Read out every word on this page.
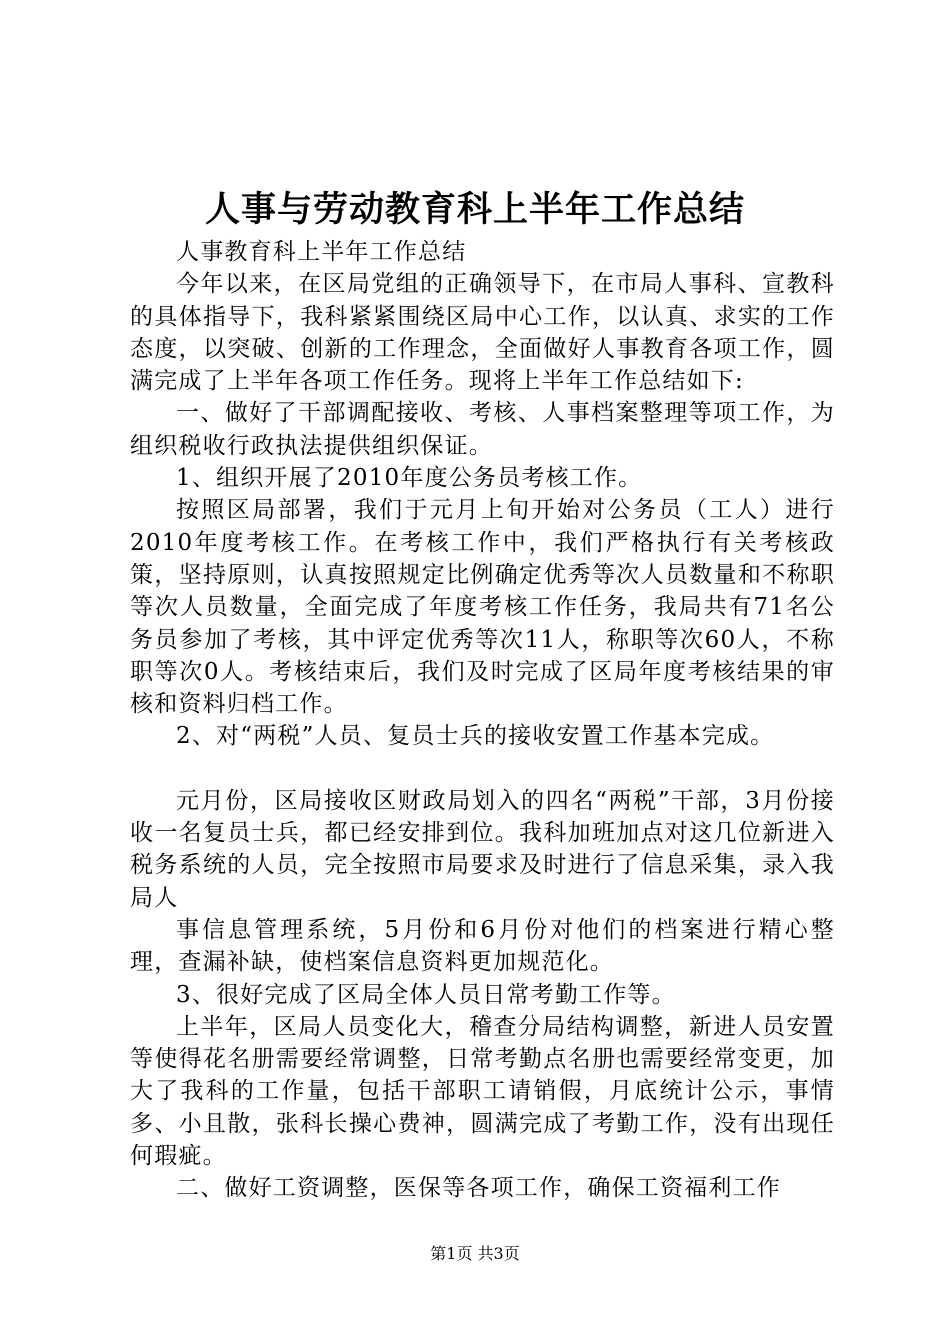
人事与劳动教育科上半年工作总结

人事教育科上半年工作总结

今年以来，在区局党组的正确领导下，在市局人事科、宣教科的具体指导下，我科紧紧围绕区局中心工作，以认真、求实的工作态度，以突破、创新的工作理念，全面做好人事教育各项工作，圆满完成了上半年各项工作任务。现将上半年工作总结如下:

一、做好了干部调配接收、考核、人事档案整理等项工作，为组织税收行政执法提供组织保证。

1、组织开展了2010年度公务员考核工作。

按照区局部署，我们于元月上旬开始对公务员（工人）进行2010年度考核工作。在考核工作中，我们严格执行有关考核政策，坚持原则，认真按照规定比例确定优秀等次人员数量和不称职等次人员数量，全面完成了年度考核工作任务，我局共有71名公务员参加了考核，其中评定优秀等次11人，称职等次60人，不称职等次0人。考核结束后，我们及时完成了区局年度考核结果的审核和资料归档工作。

2、对“两税”人员、复员士兵的接收安置工作基本完成。

元月份，区局接收区财政局划入的四名“两税”干部，3月份接收一名复员士兵，都已经安排到位。我科加班加点对这几位新进入税务系统的人员，完全按照市局要求及时进行了信息采集，录入我局人

事信息管理系统，5月份和6月份对他们的档案进行精心整理，查漏补缺，使档案信息资料更加规范化。

3、很好完成了区局全体人员日常考勤工作等。

上半年，区局人员变化大，稽查分局结构调整，新进人员安置等使得花名册需要经常调整，日常考勤点名册也需要经常变更，加大了我科的工作量，包括干部职工请销假，月底统计公示，事情多、小且散，张科长操心费神，圆满完成了考勤工作，没有出现任何瑕疵。

二、做好工资调整，医保等各项工作，确保工资福利工作

第1页 共3页
